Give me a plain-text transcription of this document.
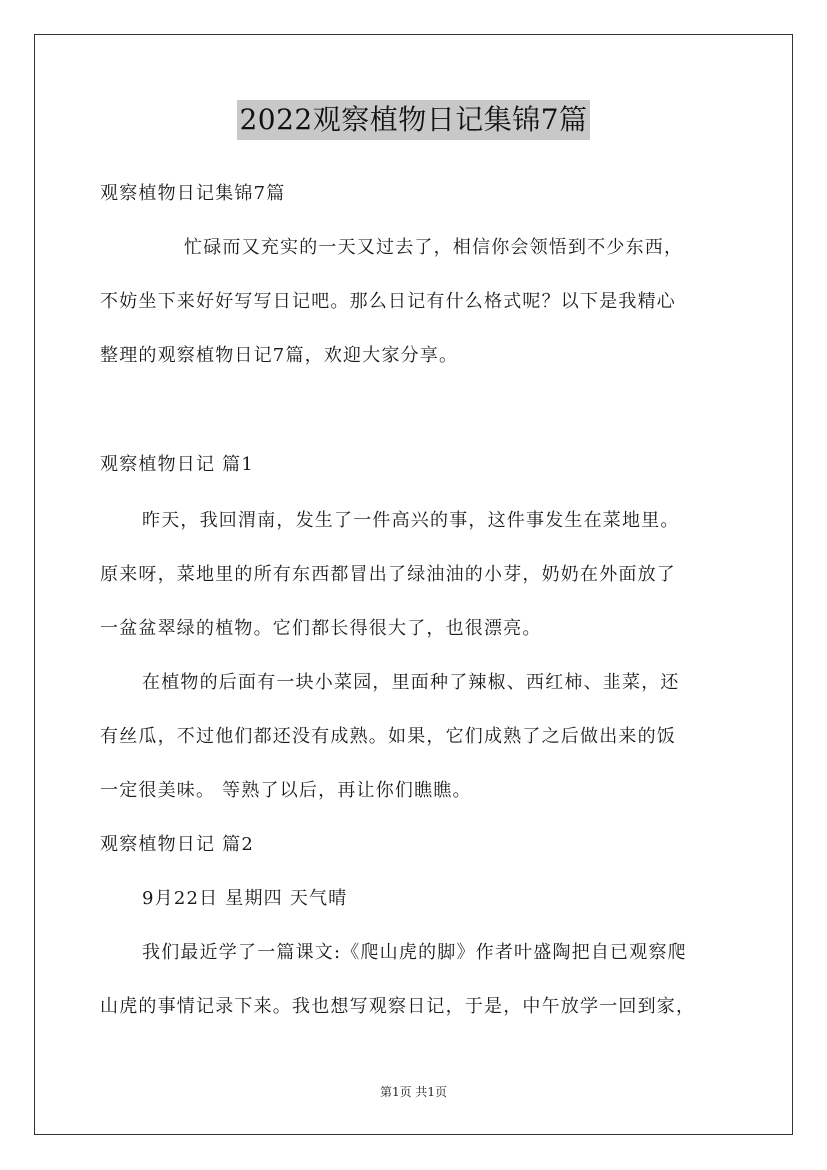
2022观察植物日记集锦7篇
观察植物日记集锦7篇
忙碌而又充实的一天又过去了，相信你会领悟到不少东西，
不妨坐下来好好写写日记吧。那么日记有什么格式呢？以下是我精心
整理的观察植物日记7篇，欢迎大家分享。
观察植物日记 篇1
昨天，我回渭南，发生了一件高兴的事，这件事发生在菜地里。
原来呀，菜地里的所有东西都冒出了绿油油的小芽，奶奶在外面放了
一盆盆翠绿的植物。它们都长得很大了，也很漂亮。
在植物的后面有一块小菜园，里面种了辣椒、西红柿、韭菜，还
有丝瓜，不过他们都还没有成熟。如果，它们成熟了之后做出来的饭
一定很美味。 等熟了以后，再让你们瞧瞧。
观察植物日记 篇2
9月22日 星期四 天气晴
我们最近学了一篇课文:《爬山虎的脚》作者叶盛陶把自已观察爬
山虎的事情记录下来。我也想写观察日记，于是，中午放学一回到家，
第1页 共1页
